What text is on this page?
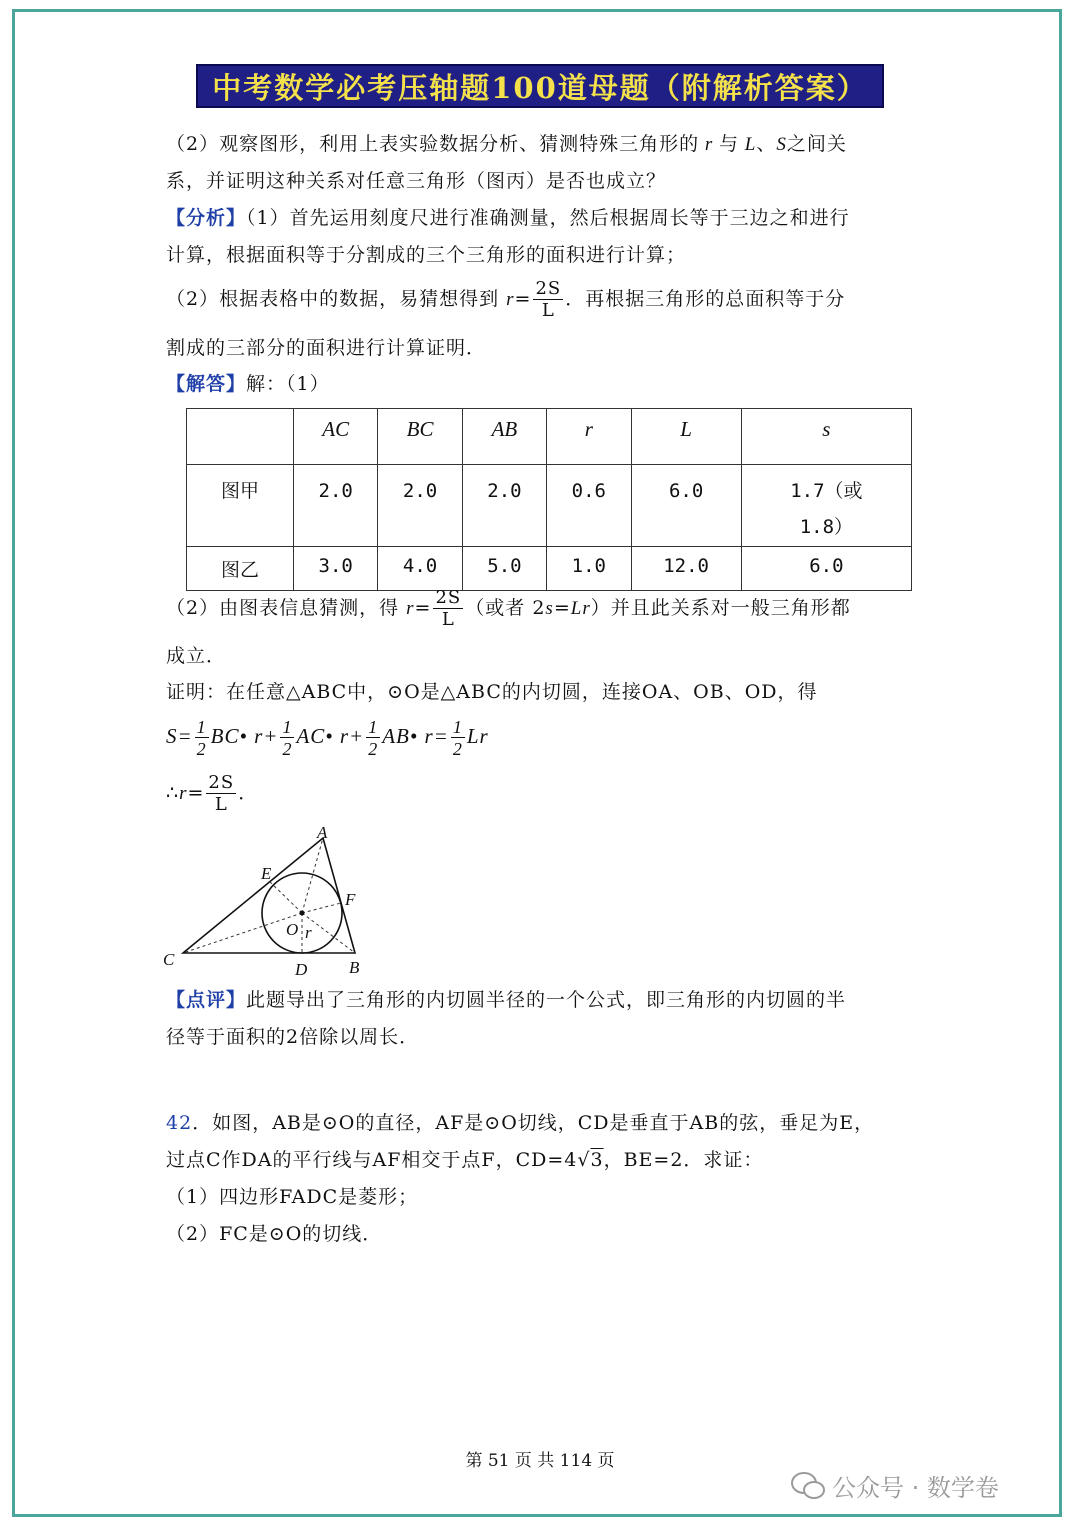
中考数学必考压轴题100道母题（附解析答案）
（2）观察图形，利用上表实验数据分析、猜测特殊三角形的 r 与 L、S之间关
系，并证明这种关系对任意三角形（图丙）是否也成立？
【分析】（1）首先运用刻度尺进行准确测量，然后根据周长等于三边之和进行
计算，根据面积等于分割成的三个三角形的面积进行计算；
（2）根据表格中的数据，易猜想得到 $r= \frac{2S}{L}$ ．再根据三角形的总面积等于分
割成的三部分的面积进行计算证明．
【解答】解：（1）
	AC	BC	AB	r	L	s
图甲	2.0	2.0	2.0	0.6	6.0	1.7（或
1.8）
图乙	3.0	4.0	5.0	1.0	12.0	6.0
（2）由图表信息猜测，得 $r= \frac{2S}{L}$ （或者 2s=Lr）并且此关系对一般三角形都
成立．
证明：在任意△ABC中，⊙O是△ABC的内切圆，连接OA、OB、OD，得
$S= \frac{1}{2}$ BC• $r+ \frac{1}{2}$ AC• $r+ \frac{1}{2}$ AB• $r= \frac{1}{2}$ Lr
∴r= $\frac{2S}{L}$ ．
A
E
F
O r
C
D B
【点评】此题导出了三角形的内切圆半径的一个公式，即三角形的内切圆的半
径等于面积的2倍除以周长．
42．如图，AB是⊙O的直径，AF是⊙O切线，CD是垂直于AB的弦，垂足为E，
过点C作DA的平行线与AF相交于点F，CD=4√3，BE=2．求证：
（1）四边形FADC是菱形；
（2）FC是⊙O的切线．
第 51 页 共 114 页
公众号 · 数学卷
